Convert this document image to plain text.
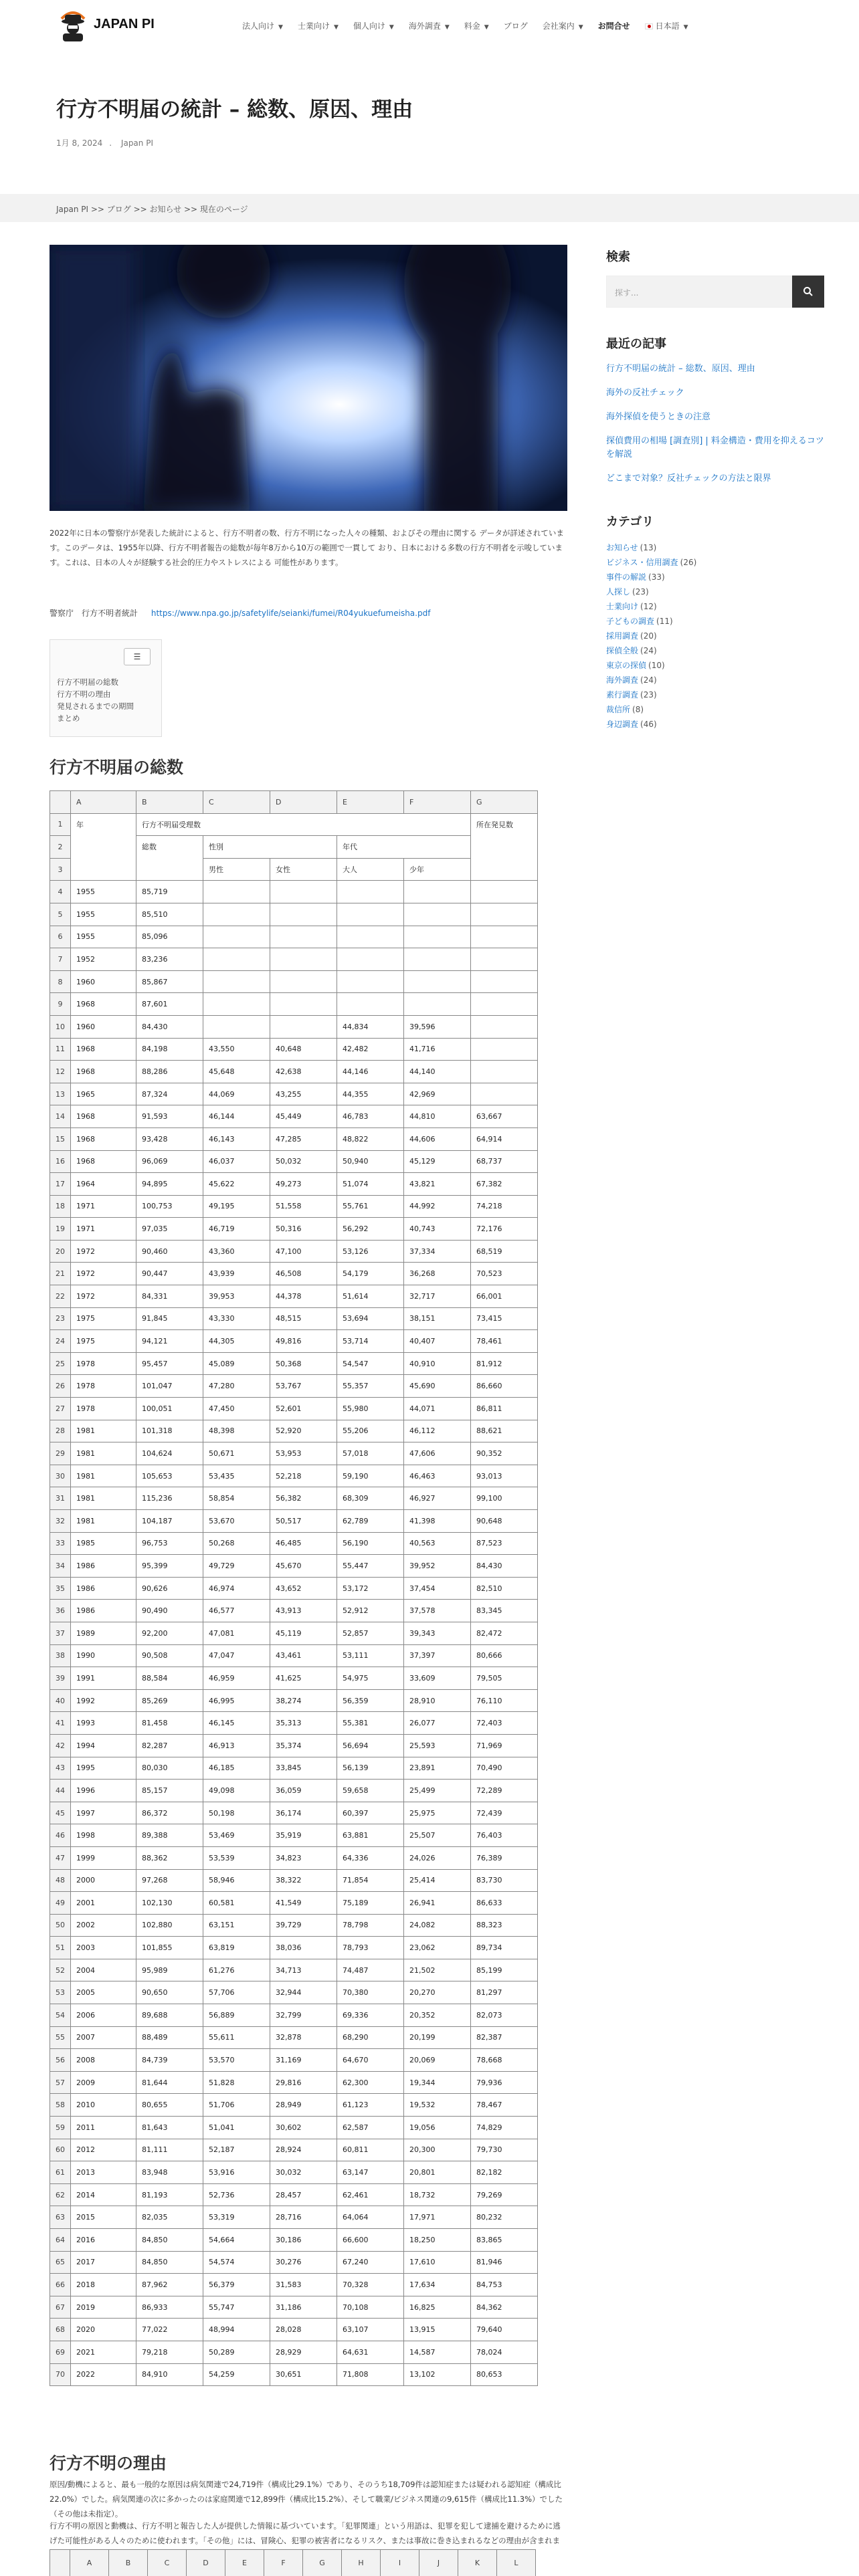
JAPAN PI	法人向け ▼ 士業向け ▼ 個人向け ▼ 海外調査 ▼ 料金 ▼ ブログ 会社案内 ▼ お問合せ	日本語 ▼
行方不明届の統計 – 総数、原因、理由
1月 8, 2024 . Japan PI
Japan PI >> ブログ >> お知らせ >> 現在のページ

2022年に日本の警察庁が発表した統計によると、行方不明者の数、行方不明になった人々の種類、およびその理由に関する データが詳述されています。このデータは、1955年以降、行方不明者報告の総数が毎年8万から10万の範囲で一貫して おり、日本における多数の行方不明者を示唆しています。これは、日本の人々が経験する社会的圧力やストレスによる 可能性があります。

警察庁　行方不明者統計 https://www.npa.go.jp/safetylife/seianki/fumei/R04yukuefumeisha.pdf
☰
行方不明届の総数
行方不明の理由
発見されるまでの期間
まとめ
行方不明届の総数
	A	B	C	D	E	F	G
1	年	行方不明届受理数					所在発見数
2		総数	性別		年代		
3			男性	女性	大人	少年	
4	1955	85,719					
5	1955	85,510					
6	1955	85,096					
7	1952	83,236					
8	1960	85,867					
9	1968	87,601					
10	1960	84,430			44,834	39,596	
11	1968	84,198	43,550	40,648	42,482	41,716	
12	1968	88,286	45,648	42,638	44,146	44,140	
13	1965	87,324	44,069	43,255	44,355	42,969	
14	1968	91,593	46,144	45,449	46,783	44,810	63,667
15	1968	93,428	46,143	47,285	48,822	44,606	64,914
16	1968	96,069	46,037	50,032	50,940	45,129	68,737
17	1964	94,895	45,622	49,273	51,074	43,821	67,382
18	1971	100,753	49,195	51,558	55,761	44,992	74,218
19	1971	97,035	46,719	50,316	56,292	40,743	72,176
20	1972	90,460	43,360	47,100	53,126	37,334	68,519
21	1972	90,447	43,939	46,508	54,179	36,268	70,523
22	1972	84,331	39,953	44,378	51,614	32,717	66,001
23	1975	91,845	43,330	48,515	53,694	38,151	73,415
24	1975	94,121	44,305	49,816	53,714	40,407	78,461
25	1978	95,457	45,089	50,368	54,547	40,910	81,912
26	1978	101,047	47,280	53,767	55,357	45,690	86,660
27	1978	100,051	47,450	52,601	55,980	44,071	86,811
28	1981	101,318	48,398	52,920	55,206	46,112	88,621
29	1981	104,624	50,671	53,953	57,018	47,606	90,352
30	1981	105,653	53,435	52,218	59,190	46,463	93,013
31	1981	115,236	58,854	56,382	68,309	46,927	99,100
32	1981	104,187	53,670	50,517	62,789	41,398	90,648
33	1985	96,753	50,268	46,485	56,190	40,563	87,523
34	1986	95,399	49,729	45,670	55,447	39,952	84,430
35	1986	90,626	46,974	43,652	53,172	37,454	82,510
36	1986	90,490	46,577	43,913	52,912	37,578	83,345
37	1989	92,200	47,081	45,119	52,857	39,343	82,472
38	1990	90,508	47,047	43,461	53,111	37,397	80,666
39	1991	88,584	46,959	41,625	54,975	33,609	79,505
40	1992	85,269	46,995	38,274	56,359	28,910	76,110
41	1993	81,458	46,145	35,313	55,381	26,077	72,403
42	1994	82,287	46,913	35,374	56,694	25,593	71,969
43	1995	80,030	46,185	33,845	56,139	23,891	70,490
44	1996	85,157	49,098	36,059	59,658	25,499	72,289
45	1997	86,372	50,198	36,174	60,397	25,975	72,439
46	1998	89,388	53,469	35,919	63,881	25,507	76,403
47	1999	88,362	53,539	34,823	64,336	24,026	76,389
48	2000	97,268	58,946	38,322	71,854	25,414	83,730
49	2001	102,130	60,581	41,549	75,189	26,941	86,633
50	2002	102,880	63,151	39,729	78,798	24,082	88,323
51	2003	101,855	63,819	38,036	78,793	23,062	89,734
52	2004	95,989	61,276	34,713	74,487	21,502	85,199
53	2005	90,650	57,706	32,944	70,380	20,270	81,297
54	2006	89,688	56,889	32,799	69,336	20,352	82,073
55	2007	88,489	55,611	32,878	68,290	20,199	82,387
56	2008	84,739	53,570	31,169	64,670	20,069	78,668
57	2009	81,644	51,828	29,816	62,300	19,344	79,936
58	2010	80,655	51,706	28,949	61,123	19,532	78,467
59	2011	81,643	51,041	30,602	62,587	19,056	74,829
60	2012	81,111	52,187	28,924	60,811	20,300	79,730
61	2013	83,948	53,916	30,032	63,147	20,801	82,182
62	2014	81,193	52,736	28,457	62,461	18,732	79,269
63	2015	82,035	53,319	28,716	64,064	17,971	80,232
64	2016	84,850	54,664	30,186	66,600	18,250	83,865
65	2017	84,850	54,574	30,276	67,240	17,610	81,946
66	2018	87,962	56,379	31,583	70,328	17,634	84,753
67	2019	86,933	55,747	31,186	70,108	16,825	84,362
68	2020	77,022	48,994	28,028	63,107	13,915	79,640
69	2021	79,218	50,289	28,929	64,631	14,587	78,024
70	2022	84,910	54,259	30,651	71,808	13,102	80,653
行方不明の理由

原因/動機によると、最も一般的な原因は病気関連で24,719件（構成比29.1%）であり、そのうち18,709件は認知症または疑われる認知症（構成比22.0%）でした。病気関連の次に多かったのは家庭関連で12,899件（構成比15.2%）、そして職業/ビジネス関連の9,615件（構成比11.3%）でした（その他は未指定）。

行方不明の原因と動機は、行方不明と報告した人が提供した情報に基づいています。「犯罪関連」という用語は、犯罪を犯して逮捕を避けるために逃げた可能性がある人々のために使われます。「その他」には、冒険心、犯罪の被害者になるリスク、または事故に巻き込まれるなどの理由が含まれま

	A	B	C	D	E	F	G	H	I	J	K	L
検索
探す...
最近の記事
行方不明届の統計 – 総数、原因、理由
海外の反社チェック
海外探偵を使うときの注意
探偵費用の相場 [調査別] | 料金構造・費用を抑えるコツを解説
どこまで対象？反社チェックの方法と限界
カテゴリ
お知らせ (13)
ビジネス・信用調査 (26)
事件の解説 (33)
人探し (23)
士業向け (12)
子どもの調査 (11)
採用調査 (20)
探偵全般 (24)
東京の探偵 (10)
海外調査 (24)
素行調査 (23)
裁信所 (8)
身辺調査 (46)
